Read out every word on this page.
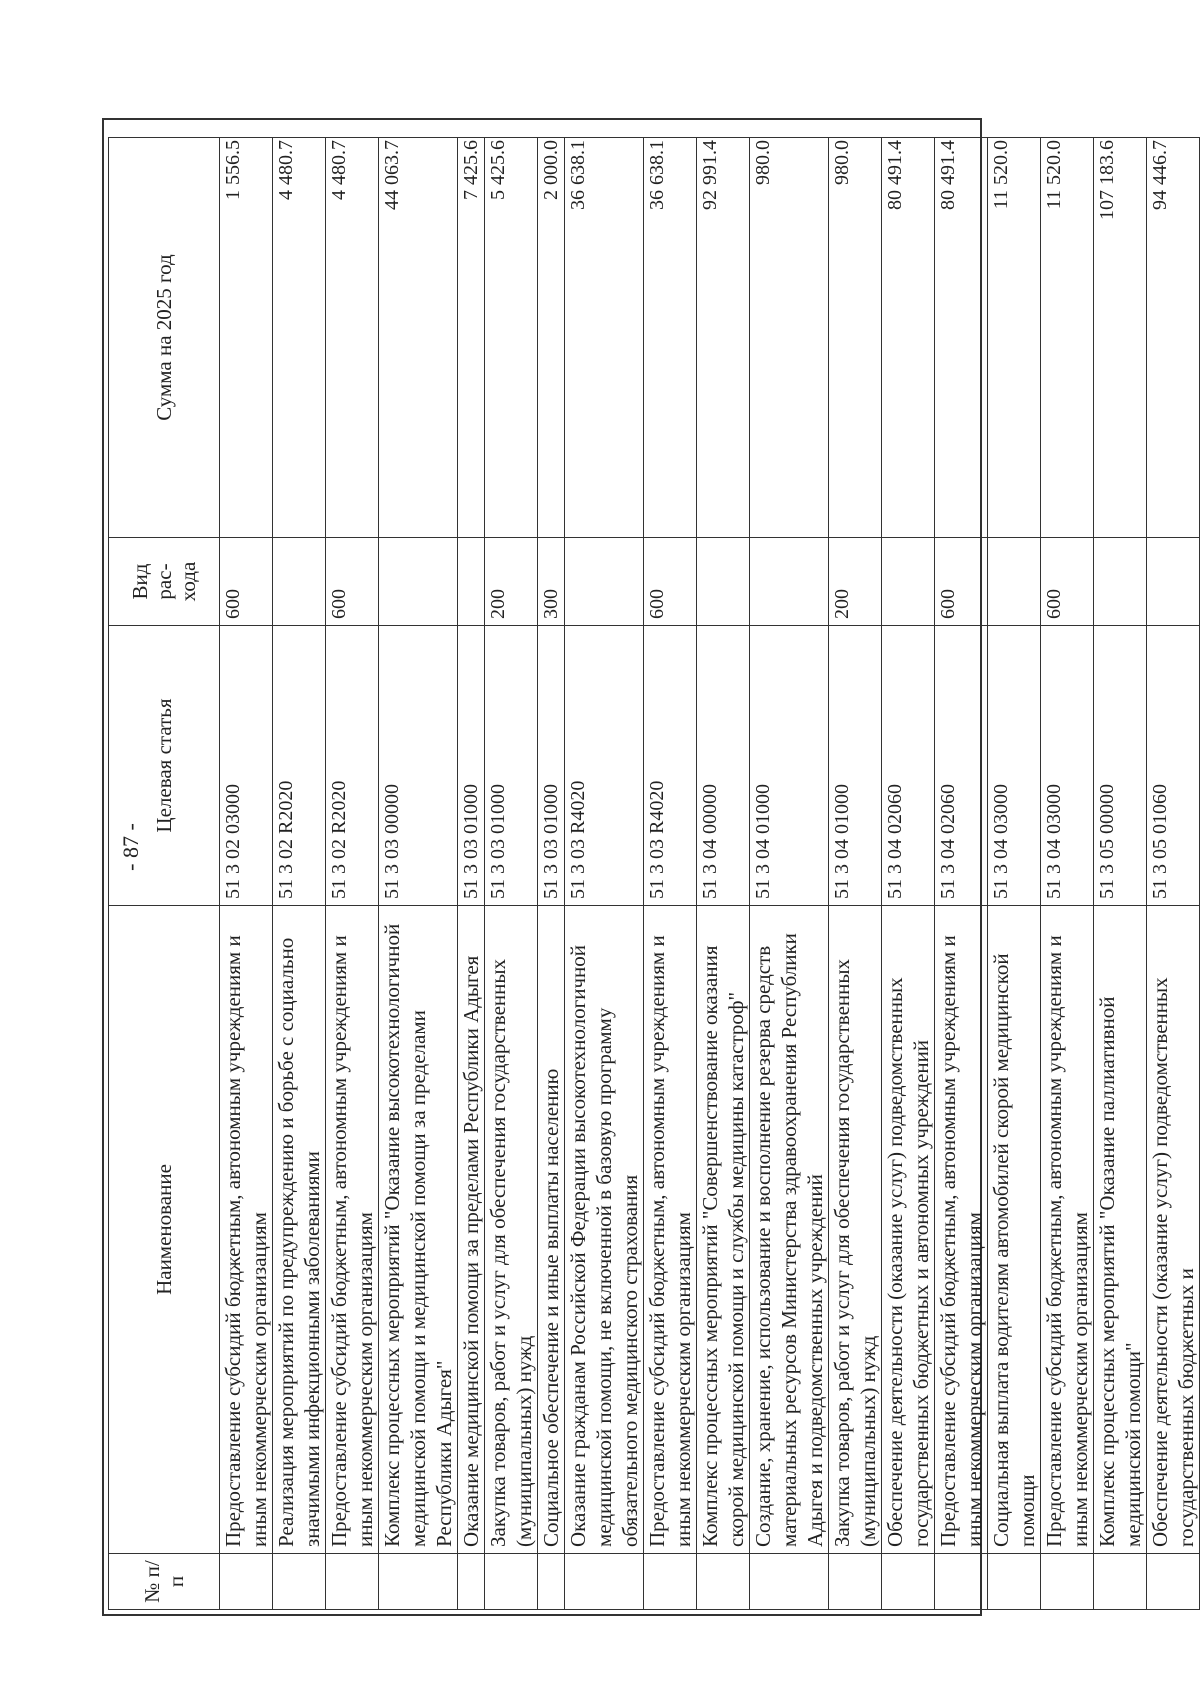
- 87 -
№ п/п	Наименование	Целевая статья	Вид рас- хода	Сумма на 2025 год
	Предоставление субсидий бюджетным, автономным учреждениям и иным некоммерческим организациям	51 3 02 03000	600	1 556.5
	Реализация мероприятий по предупреждению и борьбе с социально значимыми инфекционными заболеваниями	51 3 02 R2020		4 480.7
	Предоставление субсидий бюджетным, автономным учреждениям и иным некоммерческим организациям	51 3 02 R2020	600	4 480.7
	Комплекс процессных мероприятий "Оказание высокотехнологичной медицинской помощи и медицинской помощи за пределами Республики Адыгея"	51 3 03 00000		44 063.7
	Оказание медицинской помощи за пределами Республики Адыгея	51 3 03 01000		7 425.6
	Закупка товаров, работ и услуг для обеспечения государственных (муниципальных) нужд	51 3 03 01000	200	5 425.6
	Социальное обеспечение и иные выплаты населению	51 3 03 01000	300	2 000.0
	Оказание гражданам Российской Федерации высокотехнологичной медицинской помощи, не включенной в базовую программу обязательного медицинского страхования	51 3 03 R4020		36 638.1
	Предоставление субсидий бюджетным, автономным учреждениям и иным некоммерческим организациям	51 3 03 R4020	600	36 638.1
	Комплекс процессных мероприятий "Совершенствование оказания скорой медицинской помощи и службы медицины катастроф"	51 3 04 00000		92 991.4
	Создание, хранение, использование и восполнение резерва средств материальных ресурсов Министерства здравоохранения Республики Адыгея и подведомственных учреждений	51 3 04 01000		980.0
	Закупка товаров, работ и услуг для обеспечения государственных (муниципальных) нужд	51 3 04 01000	200	980.0
	Обеспечение деятельности (оказание услуг) подведомственных государственных бюджетных и автономных учреждений	51 3 04 02060		80 491.4
	Предоставление субсидий бюджетным, автономным учреждениям и иным некоммерческим организациям	51 3 04 02060	600	80 491.4
	Социальная выплата водителям автомобилей скорой медицинской помощи	51 3 04 03000		11 520.0
	Предоставление субсидий бюджетным, автономным учреждениям и иным некоммерческим организациям	51 3 04 03000	600	11 520.0
	Комплекс процессных мероприятий "Оказание паллиативной медицинской помощи"	51 3 05 00000		107 183.6
	Обеспечение деятельности (оказание услуг) подведомственных государственных бюджетных и	51 3 05 01060		94 446.7
